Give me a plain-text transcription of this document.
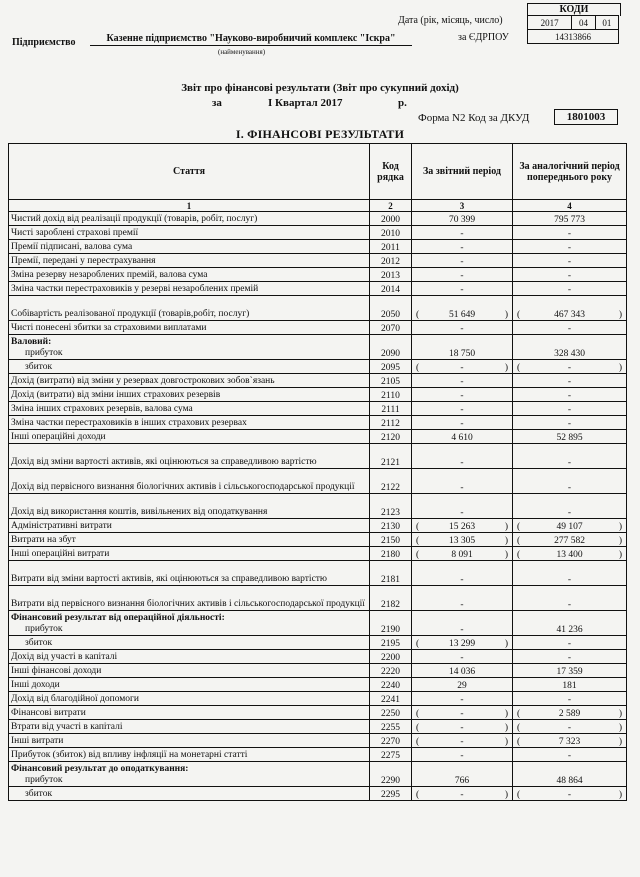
КОДИ
2017	04	01
14313866
Дата (рік, місяць, число)
за ЄДРПОУ
Підприємство	Казенне підприємство "Науково-виробничий комплекс "Іскра"
(найменування)
Звіт про фінансові результати (Звіт про сукупний дохід)
за	І Квартал 2017	р.
Форма N2 Код за ДКУД	1801003
І. ФІНАНСОВІ РЕЗУЛЬТАТИ
Стаття	Код рядка	За звітний період	За аналогічний період попереднього року
1	2	3	4
Чистий дохід від реалізації продукції (товарів, робіт, послуг)	2000	70 399	795 773
Чисті зароблені страхові премії	2010	-	-
Премії підписані, валова сума	2011	-	-
Премії, передані у перестрахування	2012	-	-
Зміна резерву незароблених премій, валова сума	2013	-	-
Зміна частки перестраховиків у резерві незароблених премій	2014	-	-
Собівартість реалізованої продукції (товарів,робіт, послуг)	2050	( 51 649 )	( 467 343 )
Чисті понесені збитки за страховими виплатами	2070	-	-

Валовий:
прибуток	2090	18 750	328 430
збиток	2095	( - )	( - )
Дохід (витрати) від зміни у резервах довгострокових зобов`язань	2105	-	-
Дохід (витрати) від зміни інших страхових резервів	2110	-	-
Зміна інших страхових резервів, валова сума	2111	-	-
Зміна частки перестраховиків в інших страхових резервах	2112	-	-
Інші операційні доходи	2120	4 610	52 895
Дохід від зміни вартості активів, які оцінюються за справедливою вартістю	2121	-	-
Дохід від первісного визнання біологічних активів і сільськогосподарської продукції	2122	-	-
Дохід від використання коштів, вивільнених від оподаткування	2123	-	-
Адміністративні витрати	2130	( 15 263 )	( 49 107 )
Витрати на збут	2150	( 13 305 )	( 277 582 )
Інші операційні витрати	2180	( 8 091 )	( 13 400 )
Витрати від зміни вартості активів, які оцінюються за справедливою вартістю	2181	-	-
Витрати від первісного визнання біологічних активів і сільськогосподарської продукції	2182	-	-

Фінансовий результат від операційної діяльності:
прибуток	2190	-	41 236
збиток	2195	( 13 299 )	-
Дохід від участі в капіталі	2200	-	-
Інші фінансові доходи	2220	14 036	17 359
Інші доходи	2240	29	181
Дохід від благодійної допомоги	2241	-	-
Фінансові витрати	2250	( - )	( 2 589 )
Втрати від участі в капіталі	2255	( - )	( - )
Інші витрати	2270	( - )	( 7 323 )
Прибуток (збиток) від впливу інфляції на монетарні статті	2275	-	-

Фінансовий результат до оподаткування:
прибуток	2290	766	48 864
збиток	2295	( - )	( - )
